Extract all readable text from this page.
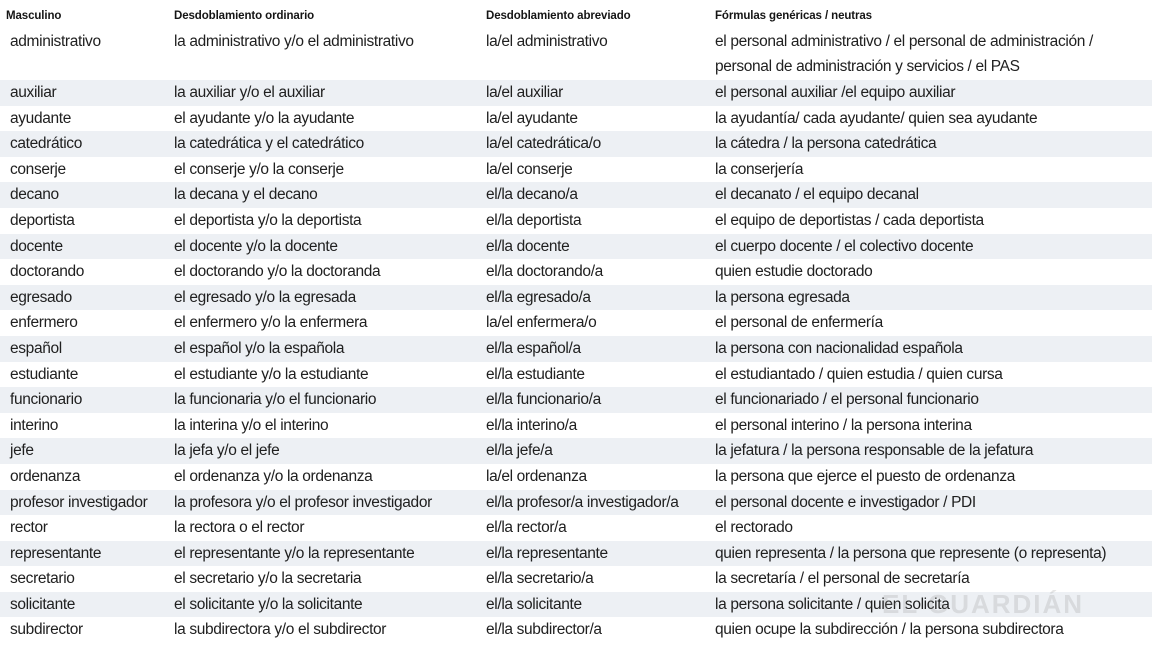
Masculino	Desdoblamiento ordinario	Desdoblamiento abreviado	Fórmulas genéricas / neutras
administrativo	la administrativo y/o el administrativo	la/el administrativo	el personal administrativo / el personal de administración / personal de administración y servicios / el PAS
auxiliar	la auxiliar y/o el auxiliar	la/el auxiliar	el personal auxiliar /el equipo auxiliar
ayudante	el ayudante y/o la ayudante	la/el ayudante	la ayudantía/ cada ayudante/ quien sea ayudante
catedrático	la catedrática y el catedrático	la/el catedrática/o	la cátedra / la persona catedrática
conserje	el conserje y/o la conserje	la/el conserje	la conserjería
decano	la decana y el decano	el/la decano/a	el decanato / el equipo decanal
deportista	el deportista y/o la deportista	el/la deportista	el equipo de deportistas / cada deportista
docente	el docente y/o la docente	el/la docente	el cuerpo docente / el colectivo docente
doctorando	el doctorando y/o la doctoranda	el/la doctorando/a	quien estudie doctorado
egresado	el egresado y/o la egresada	el/la egresado/a	la persona egresada
enfermero	el enfermero y/o la enfermera	la/el enfermera/o	el personal de enfermería
español	el español y/o la española	el/la español/a	la persona con nacionalidad española
estudiante	el estudiante y/o la estudiante	el/la estudiante	el estudiantado / quien estudia / quien cursa
funcionario	la funcionaria y/o el funcionario	el/la funcionario/a	el funcionariado / el personal funcionario
interino	la interina y/o el interino	el/la interino/a	el personal interino / la persona interina
jefe	la jefa y/o el jefe	el/la jefe/a	la jefatura / la persona responsable de la jefatura
ordenanza	el ordenanza y/o la ordenanza	la/el ordenanza	la persona que ejerce el puesto de ordenanza
profesor investigador	la profesora y/o el profesor investigador	el/la profesor/a investigador/a	el personal docente e investigador / PDI
rector	la rectora o el rector	el/la rector/a	el rectorado
representante	el representante y/o la representante	el/la representante	quien representa / la persona que represente (o representa)
secretario	el secretario y/o la secretaria	el/la secretario/a	la secretaría / el personal de secretaría
solicitante	el solicitante y/o la solicitante	el/la solicitante	la persona solicitante / quien solicita
subdirector	la subdirectora y/o el subdirector	el/la subdirector/a	quien ocupe la subdirección / la persona subdirectora
EL GUARDIÁN
